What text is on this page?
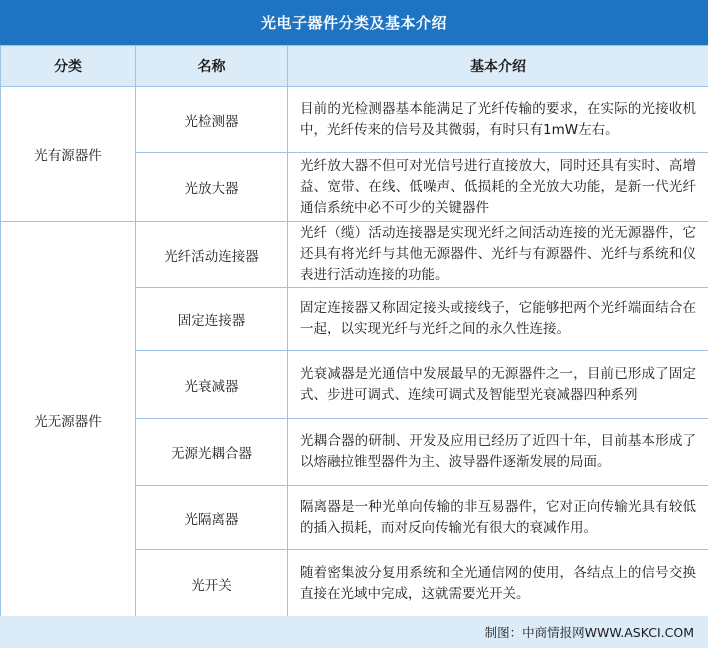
光电子器件分类及基本介绍
分类	名称	基本介绍
光有源器件	光检测器	目前的光检测器基本能满足了光纤传输的要求，在实际的光接收机中，光纤传来的信号及其微弱，有时只有1mW左右。
	光放大器	光纤放大器不但可对光信号进行直接放大，同时还具有实时、高增益、宽带、在线、低噪声、低损耗的全光放大功能，是新一代光纤通信系统中必不可少的关键器件
光无源器件	光纤活动连接器	光纤（缆）活动连接器是实现光纤之间活动连接的光无源器件，它还具有将光纤与其他无源器件、光纤与有源器件、光纤与系统和仪表进行活动连接的功能。
	固定连接器	固定连接器又称固定接头或接线子，它能够把两个光纤端面结合在一起，以实现光纤与光纤之间的永久性连接。
	光衰减器	光衰减器是光通信中发展最早的无源器件之一，目前已形成了固定式、步进可调式、连续可调式及智能型光衰减器四种系列
	无源光耦合器	光耦合器的研制、开发及应用已经历了近四十年，目前基本形成了以熔融拉锥型器件为主、波导器件逐渐发展的局面。
	光隔离器	隔离器是一种光单向传输的非互易器件，它对正向传输光具有较低的插入损耗，而对反向传输光有很大的衰减作用。
	光开关	随着密集波分复用系统和全光通信网的使用，各结点上的信号交换直接在光域中完成，这就需要光开关。
制图：中商情报网WWW.ASKCI.COM
